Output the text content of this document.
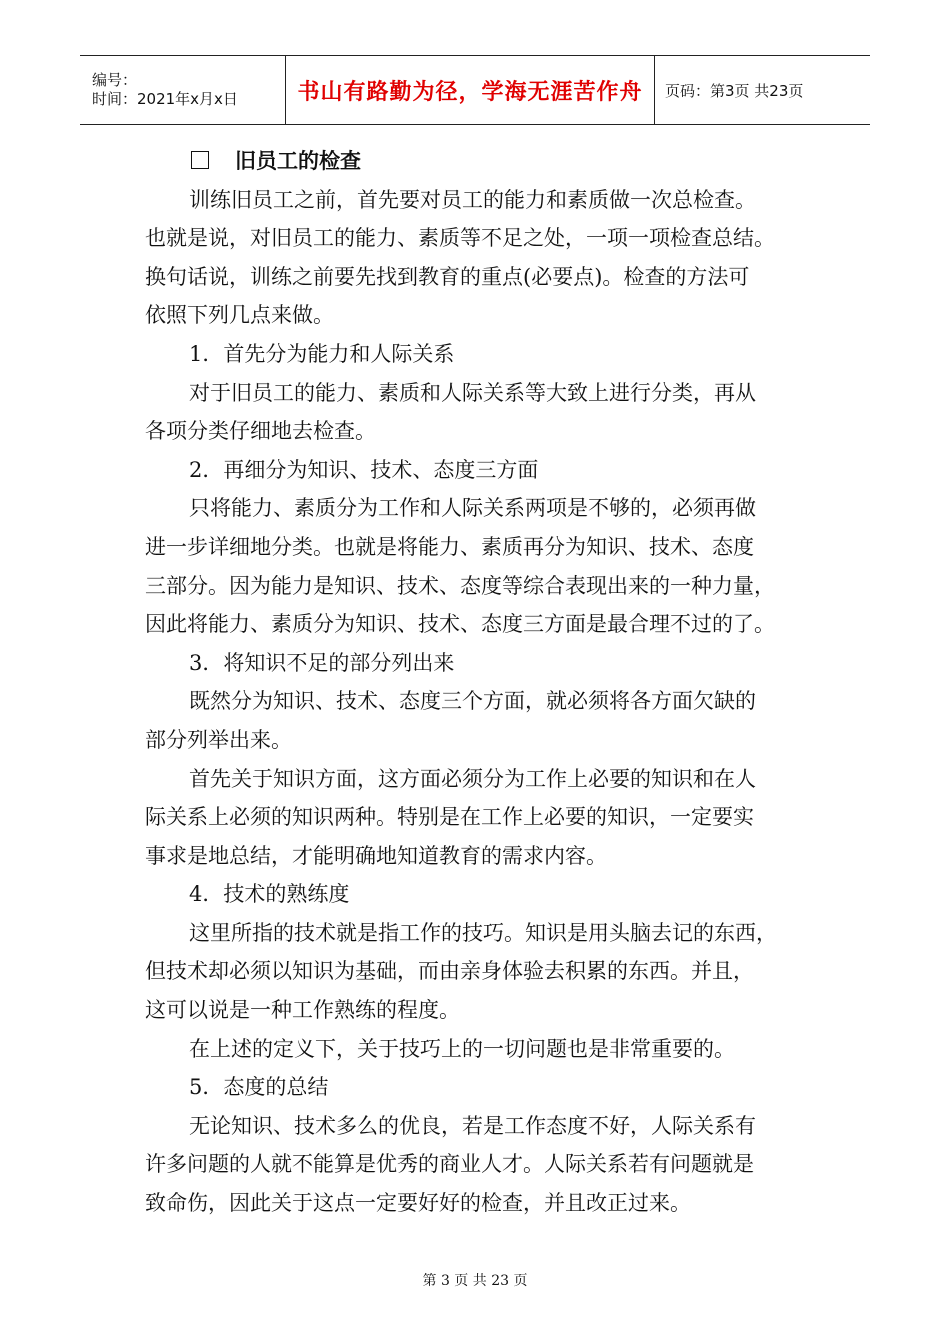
编号：
时间：2021年x月x日	书山有路勤为径，学海无涯苦作舟 页码：第3页 共23页
旧员工的检查
训练旧员工之前，首先要对员工的能力和素质做一次总检查。
也就是说，对旧员工的能力、素质等不足之处，一项一项检查总结。
换句话说，训练之前要先找到教育的重点(必要点)。检查的方法可
依照下列几点来做。
1．首先分为能力和人际关系
对于旧员工的能力、素质和人际关系等大致上进行分类，再从
各项分类仔细地去检查。
2．再细分为知识、技术、态度三方面
只将能力、素质分为工作和人际关系两项是不够的，必须再做
进一步详细地分类。也就是将能力、素质再分为知识、技术、态度
三部分。因为能力是知识、技术、态度等综合表现出来的一种力量，
因此将能力、素质分为知识、技术、态度三方面是最合理不过的了。
3．将知识不足的部分列出来
既然分为知识、技术、态度三个方面，就必须将各方面欠缺的
部分列举出来。
首先关于知识方面，这方面必须分为工作上必要的知识和在人
际关系上必须的知识两种。特别是在工作上必要的知识，一定要实
事求是地总结，才能明确地知道教育的需求内容。
4．技术的熟练度
这里所指的技术就是指工作的技巧。知识是用头脑去记的东西，
但技术却必须以知识为基础，而由亲身体验去积累的东西。并且，
这可以说是一种工作熟练的程度。
在上述的定义下，关于技巧上的一切问题也是非常重要的。
5．态度的总结
无论知识、技术多么的优良，若是工作态度不好，人际关系有
许多问题的人就不能算是优秀的商业人才。人际关系若有问题就是
致命伤，因此关于这点一定要好好的检查，并且改正过来。
第 3 页 共 23 页
